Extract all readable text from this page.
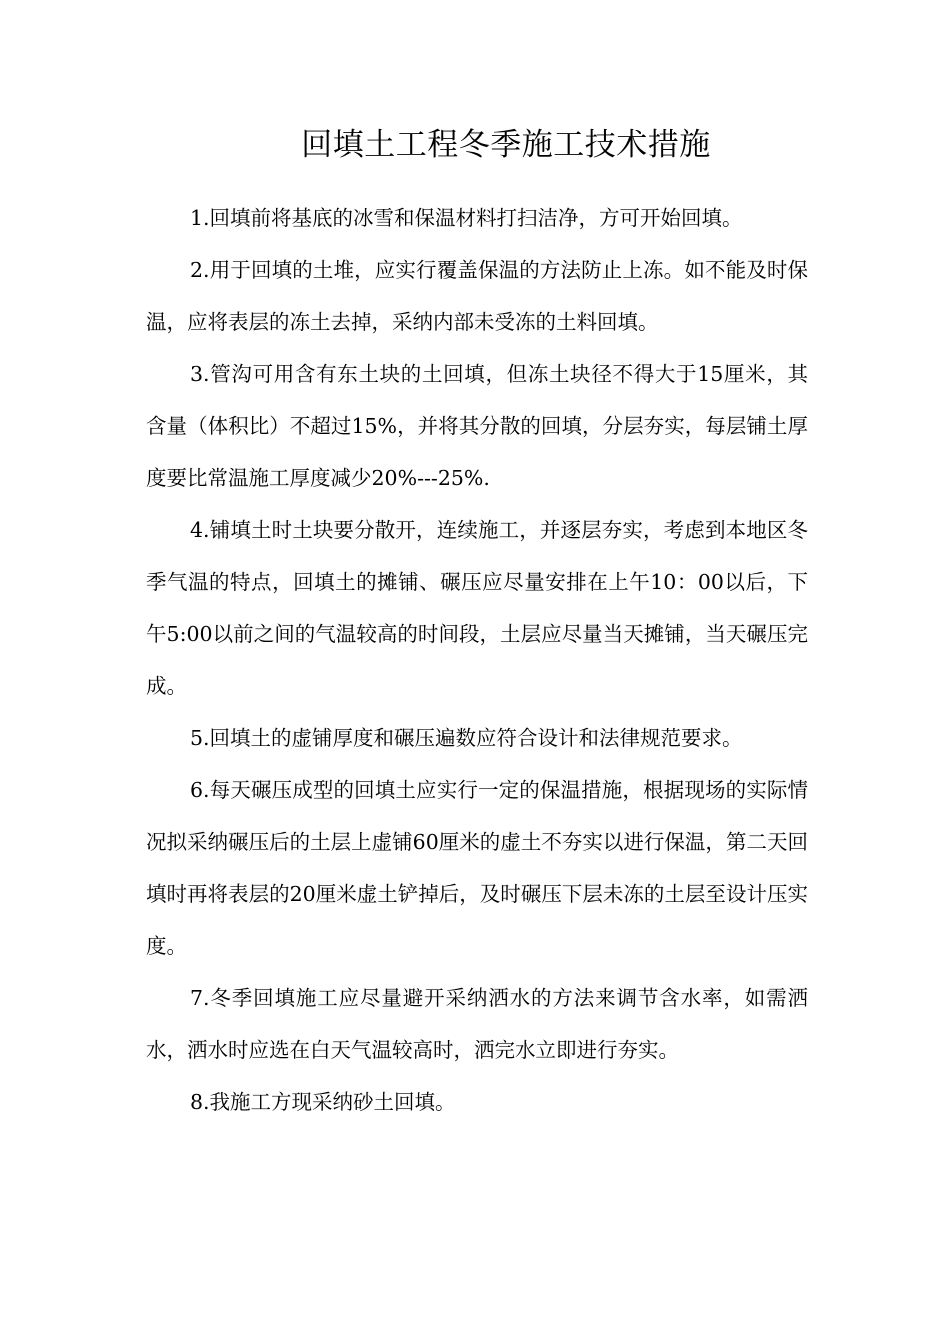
回填土工程冬季施工技术措施

1.回填前将基底的冰雪和保温材料打扫洁净，方可开始回填。

2.用于回填的土堆，应实行覆盖保温的方法防止上冻。如不能及时保温，应将表层的冻土去掉，采纳内部未受冻的土料回填。

3.管沟可用含有东土块的土回填，但冻土块径不得大于15厘米，其含量（体积比）不超过15%，并将其分散的回填，分层夯实，每层铺土厚度要比常温施工厚度减少20%---25%.

4.铺填土时土块要分散开，连续施工，并逐层夯实，考虑到本地区冬季气温的特点，回填土的摊铺、碾压应尽量安排在上午10：00以后，下午5:00以前之间的气温较高的时间段，土层应尽量当天摊铺，当天碾压完成。

5.回填土的虚铺厚度和碾压遍数应符合设计和法律规范要求。

6.每天碾压成型的回填土应实行一定的保温措施，根据现场的实际情况拟采纳碾压后的土层上虚铺60厘米的虚土不夯实以进行保温，第二天回填时再将表层的20厘米虚土铲掉后，及时碾压下层未冻的土层至设计压实度。

7.冬季回填施工应尽量避开采纳洒水的方法来调节含水率，如需洒水，洒水时应选在白天气温较高时，洒完水立即进行夯实。

8.我施工方现采纳砂土回填。
